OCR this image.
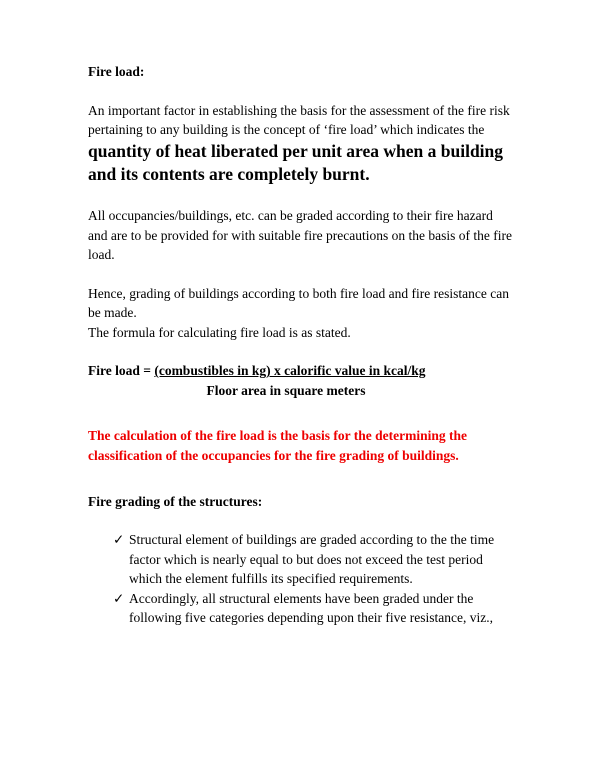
Fire load:

An important factor in establishing the basis for the assessment of the fire risk pertaining to any building is the concept of ‘fire load’ which indicates the quantity of heat liberated per unit area when a building and its contents are completely burnt.

All occupancies/buildings, etc. can be graded according to their fire hazard and are to be provided for with suitable fire precautions on the basis of the fire load.

Hence, grading of buildings according to both fire load and fire resistance can be made.
The formula for calculating fire load is as stated.
Fire load = (combustibles in kg) x calorific value in kcal/kg
Floor area in square meters
The calculation of the fire load is the basis for the determining the classification of the occupancies for the fire grading of buildings.
Fire grading of the structures:
✓ Structural element of buildings are graded according to the the time factor which is nearly equal to but does not exceed the test period which the element fulfills its specified requirements.
✓ Accordingly, all structural elements have been graded under the following five categories depending upon their five resistance, viz.,
